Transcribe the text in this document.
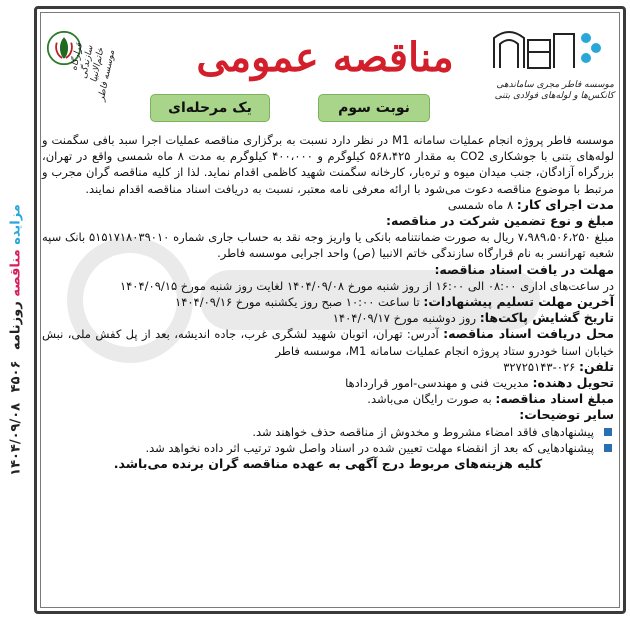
۱۴۰۴/۰۹/۰۸ ۴۵۰۶ مزایده مناقصه روزنامه
قرارگاه سازندگی خاتم‌الانبیا موسسه فاطر	مناقصه عمومی
یک مرحله‌ای	نوبت سوم
موسسه فاطر مجری ساماندهی کانکس‌ها و لوله‌های فولادی بتنی

موسسه فاطر پروژه انجام عملیات سامانه M1 در نظر دارد نسبت به برگزاری مناقصه عملیات اجرا سبد بافی سگمنت و لوله‌های بتنی با جوشکاری CO2 به مقدار ۵۶۸،۴۲۵ کیلوگرم و ۴۰۰،۰۰۰ کیلوگرم به مدت ۸ ماه شمسی واقع در تهران، بزرگراه آزادگان، جنب میدان میوه و تره‌بار، کارخانه سگمنت شهید کاظمی اقدام نماید. لذا از کلیه مناقصه گران مجرب و مرتبط با موضوع مناقصه دعوت می‌شود با ارائه معرفی نامه معتبر، نسبت به دریافت اسناد مناقصه اقدام نمایند.

مدت اجرای کار: ۸ ماه شمسی

مبلغ و نوع تضمین شرکت در مناقصه:

مبلغ ۷،۹۸۹،۵۰۶،۲۵۰ ریال به صورت ضمانتنامه بانکی یا واریز وجه نقد به حساب جاری شماره ۵۱۵۱۷۱۸۰۳۹۰۱۰ بانک سپه شعبه تهرانسر به نام قرارگاه سازندگی خاتم الانبیا (ص) واحد اجرایی موسسه فاطر.

مهلت در یافت اسناد مناقصه:

در ساعت‌های اداری ۰۸:۰۰ الی ۱۶:۰۰ از روز شنبه مورخ ۱۴۰۴/۰۹/۰۸ لغایت روز شنبه مورخ ۱۴۰۴/۰۹/۱۵

آخرین مهلت تسلیم پیشنهادات: تا ساعت ۱۰:۰۰ صبح روز یکشنبه مورخ ۱۴۰۴/۰۹/۱۶

تاریخ گشایش پاکت‌ها: روز دوشنبه مورخ ۱۴۰۴/۰۹/۱۷

محل دریافت اسناد مناقصه: آدرس: تهران، اتوبان شهید لشگری غرب، جاده اندیشه، بعد از پل کفش ملی، نبش خیابان اسنا خودرو ستاد پروژه انجام عملیات سامانه M1، موسسه فاطر

تلفن: ۰۲۶-۳۲۷۲۵۱۴۳

تحویل دهنده: مدیریت فنی و مهندسی-امور قراردادها

مبلغ اسناد مناقصه: به صورت رایگان می‌باشد.

سایر توضیحات:

پیشنهادهای فاقد امضاء مشروط و مخدوش از مناقصه حذف خواهند شد.
پیشنهادهایی که بعد از انقضاء مهلت تعیین شده در اسناد واصل شود ترتیب اثر داده نخواهد شد.

کلیه هزینه‌های مربوط درج آگهی به عهده مناقصه گران برنده می‌باشد.
